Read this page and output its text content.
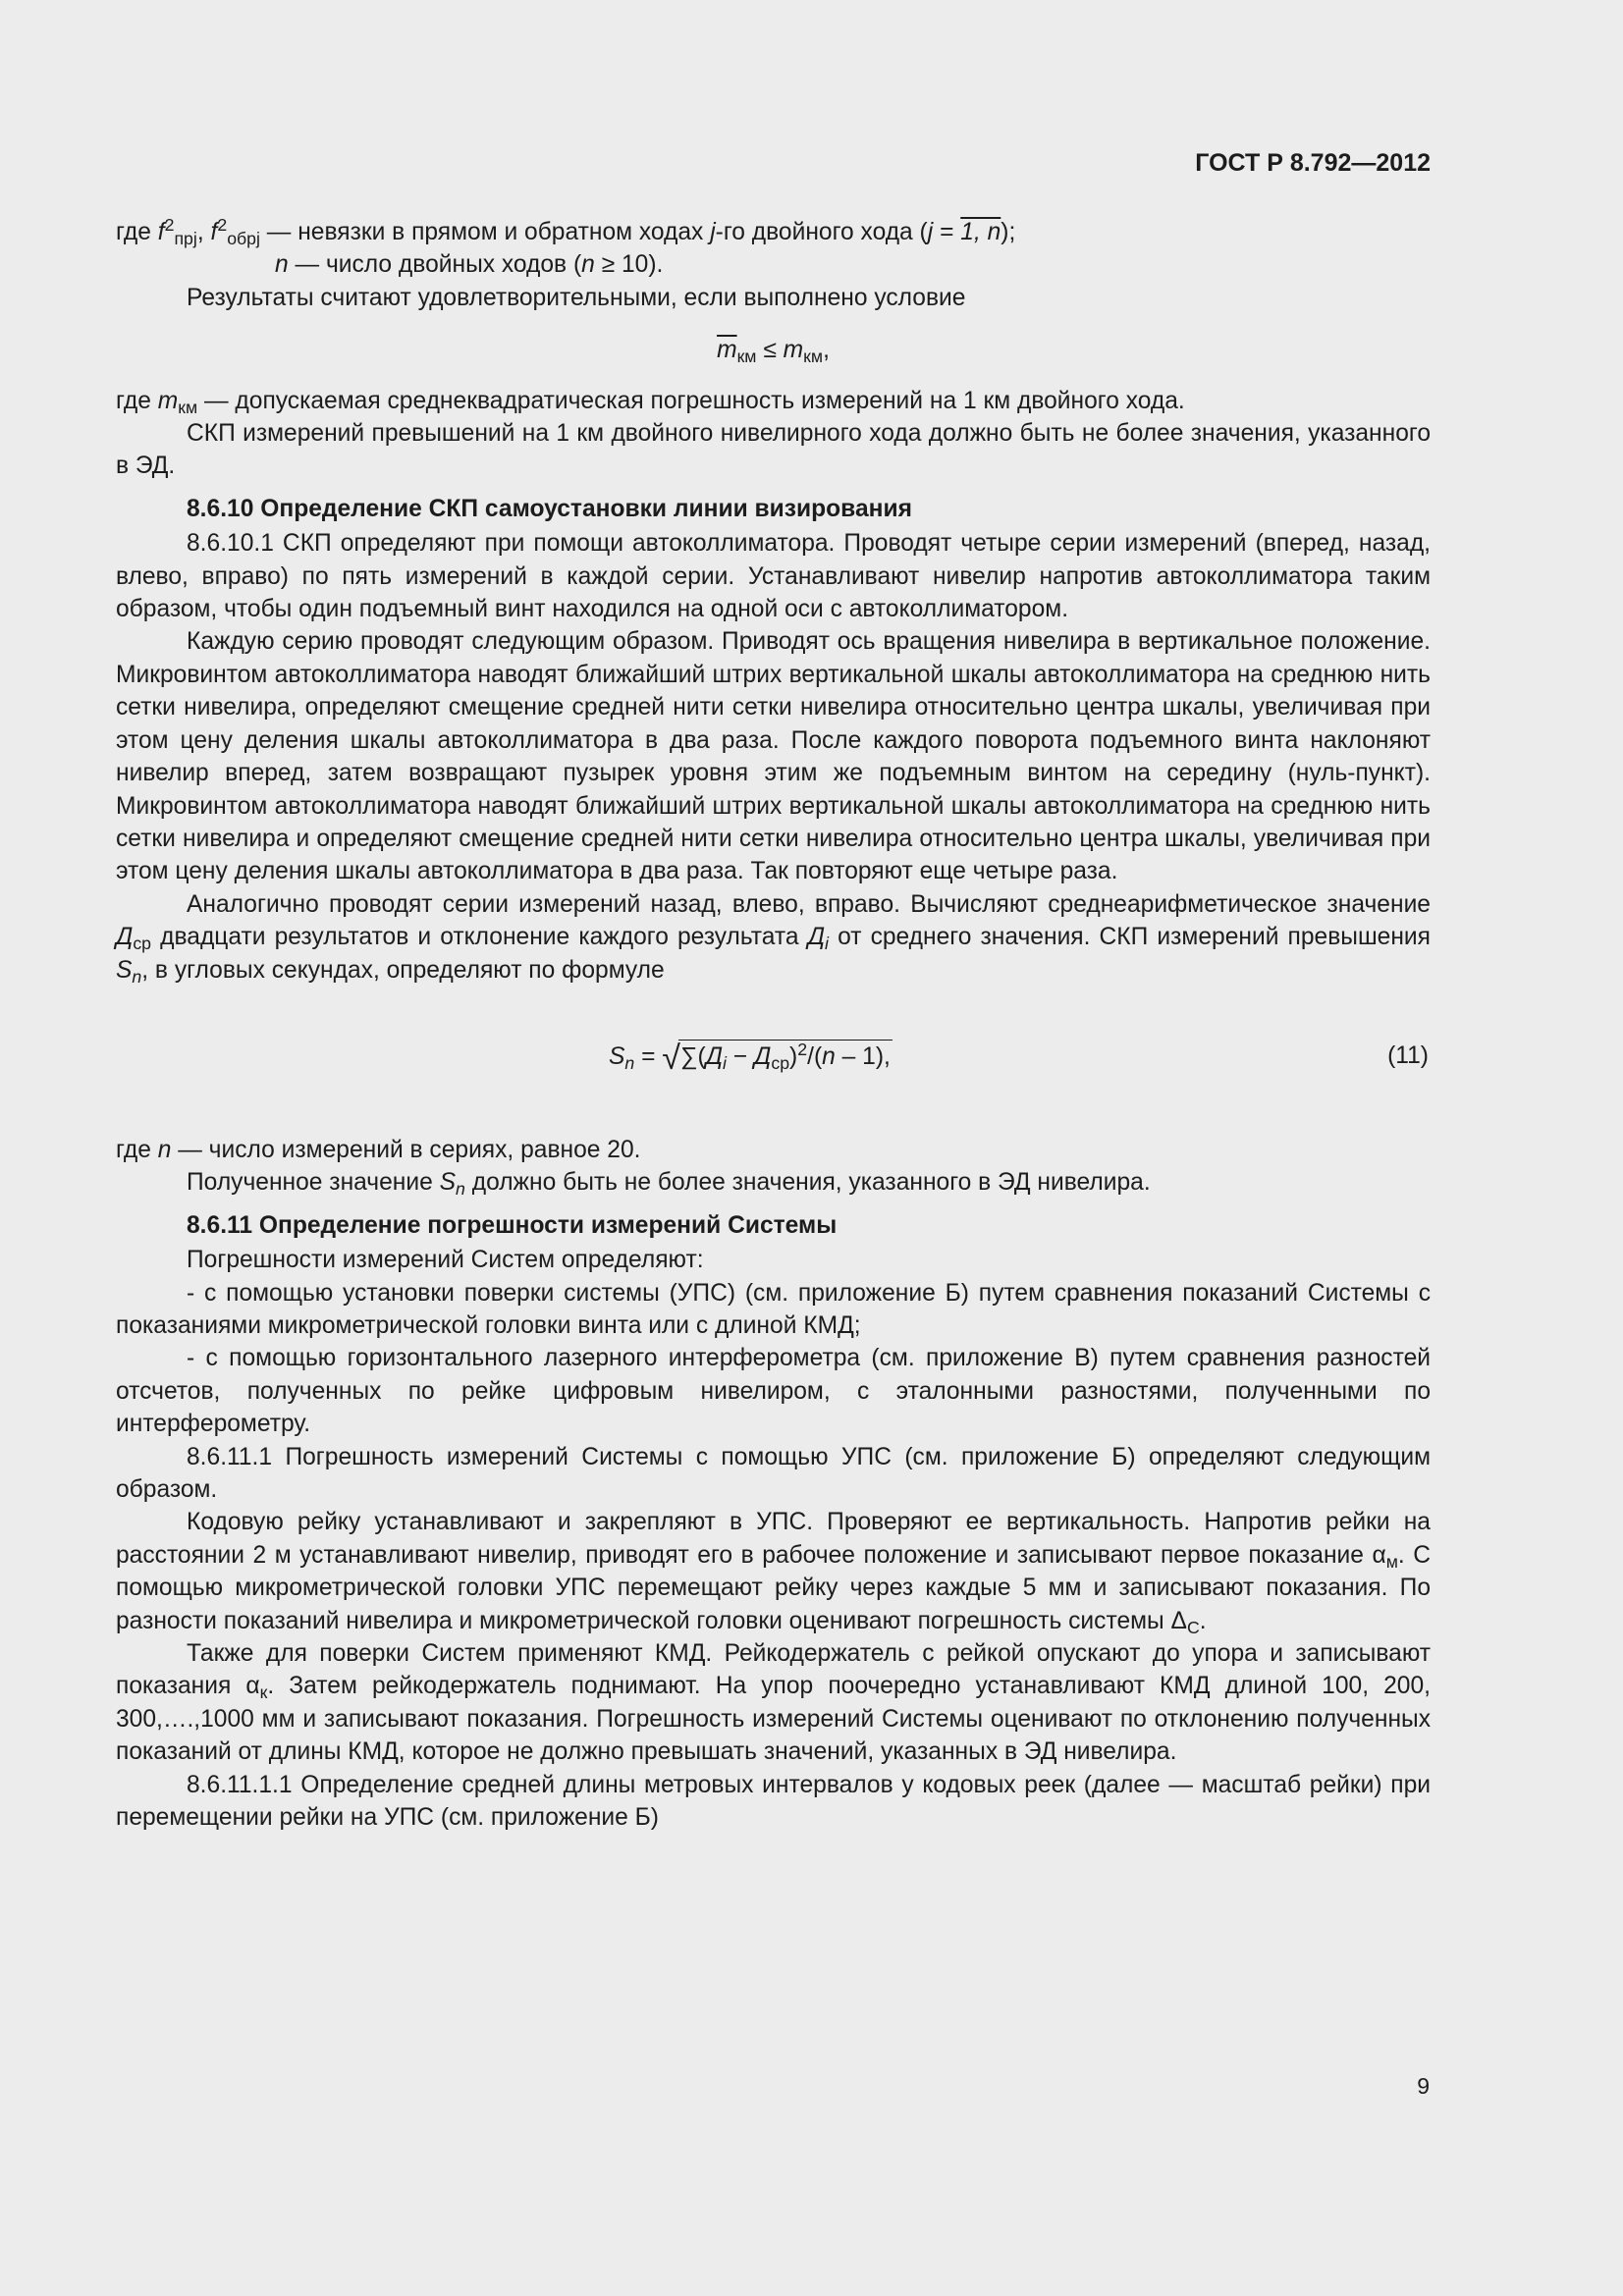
ГОСТ Р 8.792—2012

где $f^2_{прj}$, $f^2_{обрj}$ — невязки в прямом и обратном ходах j-го двойного хода (j = 1, n);

n — число двойных ходов (n ≥ 10).

Результаты считают удовлетворительными, если выполнено условие

$\overline{m}_{км} \le m_{км}$,

где $m_{км}$ — допускаемая среднеквадратическая погрешность измерений на 1 км двойного хода.

СКП измерений превышений на 1 км двойного нивелирного хода должно быть не более значения, указанного в ЭД.

8.6.10 Определение СКП самоустановки линии визирования

8.6.10.1 СКП определяют при помощи автоколлиматора. Проводят четыре серии измерений (вперед, назад, влево, вправо) по пять измерений в каждой серии. Устанавливают нивелир напротив автоколлиматора таким образом, чтобы один подъемный винт находился на одной оси с автоколлиматором.

Каждую серию проводят следующим образом. Приводят ось вращения нивелира в вертикальное положение. Микровинтом автоколлиматора наводят ближайший штрих вертикальной шкалы автоколлиматора на среднюю нить сетки нивелира, определяют смещение средней нити сетки нивелира относительно центра шкалы, увеличивая при этом цену деления шкалы автоколлиматора в два раза. После каждого поворота подъемного винта наклоняют нивелир вперед, затем возвращают пузырек уровня этим же подъемным винтом на середину (нуль-пункт). Микровинтом автоколлиматора наводят ближайший штрих вертикальной шкалы автоколлиматора на среднюю нить сетки нивелира и определяют смещение средней нити сетки нивелира относительно центра шкалы, увеличивая при этом цену деления шкалы автоколлиматора в два раза. Так повторяют еще четыре раза.

Аналогично проводят серии измерений назад, влево, вправо. Вычисляют среднеарифметическое значение $Д_{ср}$ двадцати результатов и отклонение каждого результата $Д_i$ от среднего значения. СКП измерений превышения $S_n$, в угловых секундах, определяют по формуле

$S_n = √\sum(Д_i - Д_{ср})^2/(n - 1)$,	(11)

где n — число измерений в сериях, равное 20.

Полученное значение $S_n$ должно быть не более значения, указанного в ЭД нивелира.

8.6.11 Определение погрешности измерений Системы

Погрешности измерений Систем определяют:

- с помощью установки поверки системы (УПС) (см. приложение Б) путем сравнения показаний Системы с показаниями микрометрической головки винта или с длиной КМД;

- с помощью горизонтального лазерного интерферометра (см. приложение В) путем сравнения разностей отсчетов, полученных по рейке цифровым нивелиром, с эталонными разностями, полученными по интерферометру.

8.6.11.1 Погрешность измерений Системы с помощью УПС (см. приложение Б) определяют следующим образом.

Кодовую рейку устанавливают и закрепляют в УПС. Проверяют ее вертикальность. Напротив рейки на расстоянии 2 м устанавливают нивелир, приводят его в рабочее положение и записывают первое показание $\alpha_м$. С помощью микрометрической головки УПС перемещают рейку через каждые 5 мм и записывают показания. По разности показаний нивелира и микрометрической головки оценивают погрешность системы $\Delta_С$.

Также для поверки Систем применяют КМД. Рейкодержатель с рейкой опускают до упора и записывают показания $\alpha_к$. Затем рейкодержатель поднимают. На упор поочередно устанавливают КМД длиной 100, 200, 300,….,1000 мм и записывают показания. Погрешность измерений Системы оценивают по отклонению полученных показаний от длины КМД, которое не должно превышать значений, указанных в ЭД нивелира.

8.6.11.1.1 Определение средней длины метровых интервалов у кодовых реек (далее — масштаб рейки) при перемещении рейки на УПС (см. приложение Б)

9
